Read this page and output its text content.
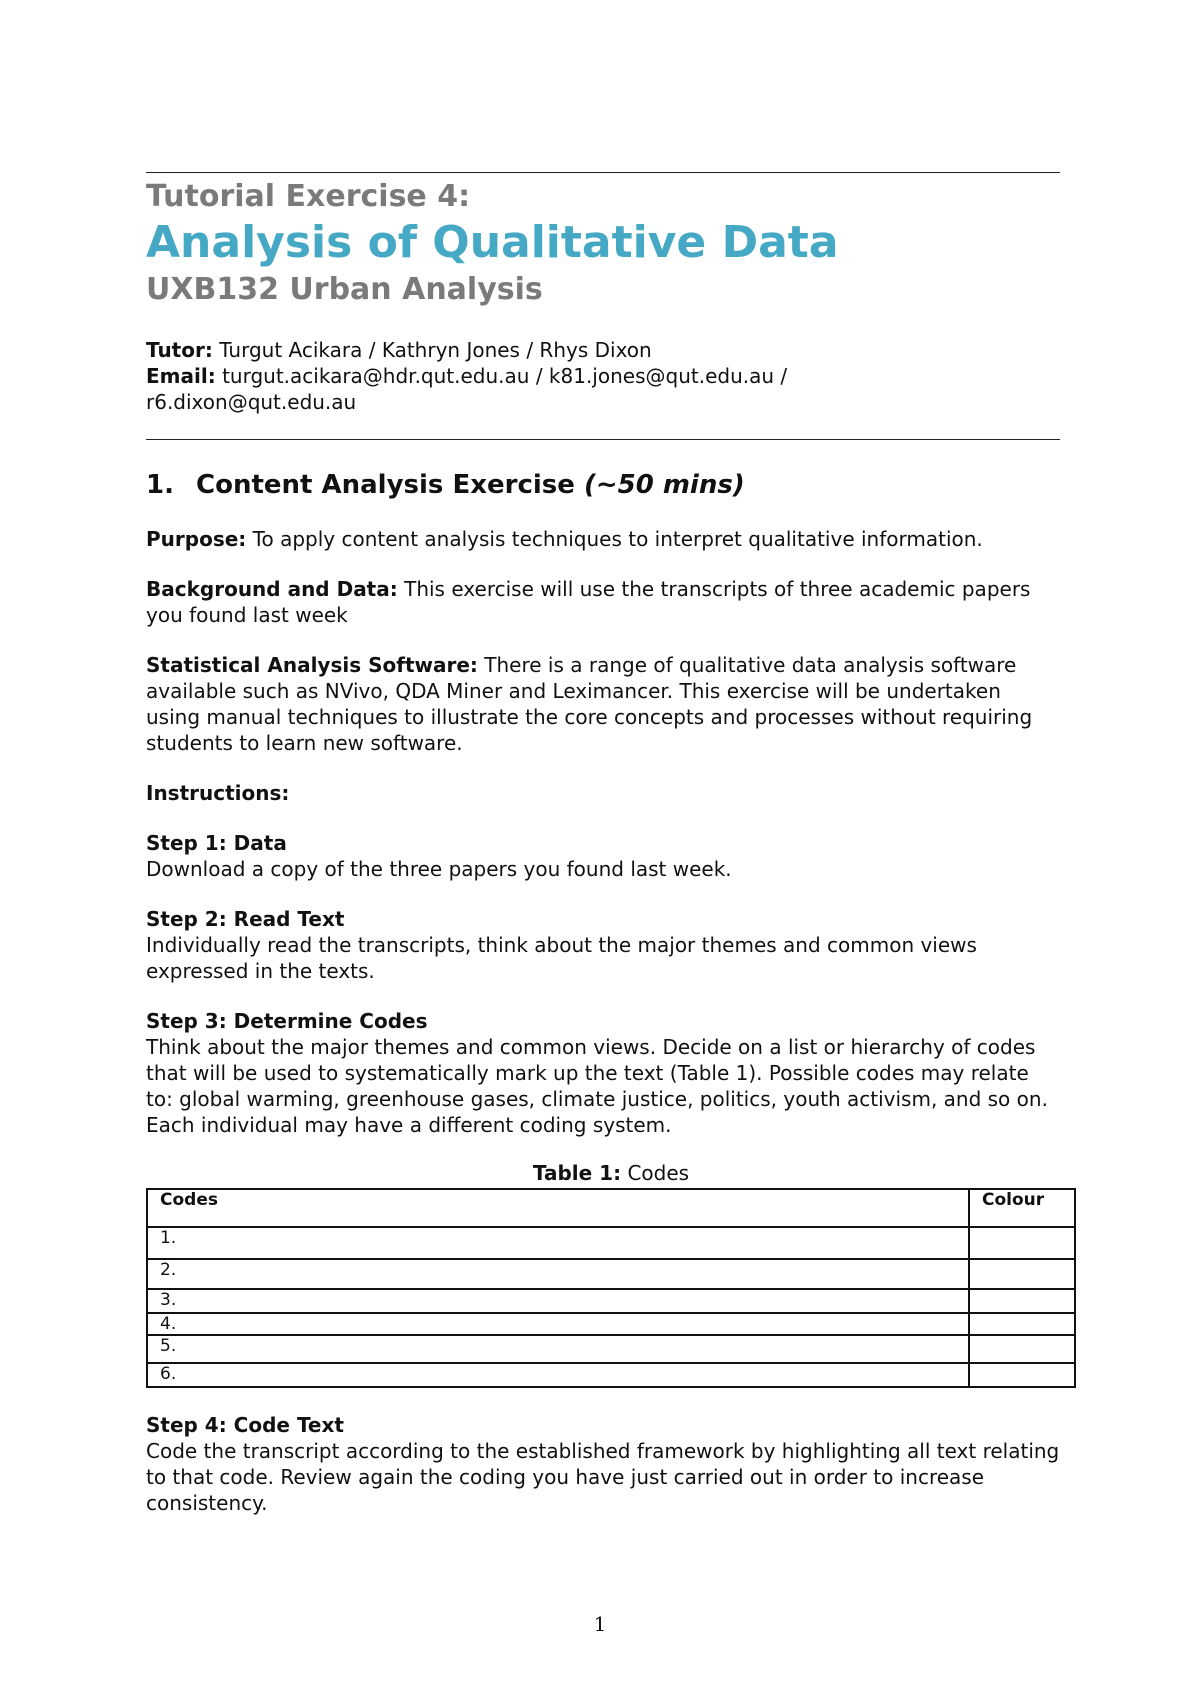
Tutorial Exercise 4:
Analysis of Qualitative Data
UXB132 Urban Analysis
Tutor: Turgut Acikara / Kathryn Jones / Rhys Dixon
Email: turgut.acikara@hdr.qut.edu.au / k81.jones@qut.edu.au /
r6.dixon@qut.edu.au
1. Content Analysis Exercise (~50 mins)

Purpose: To apply content analysis techniques to interpret qualitative information.

Background and Data: This exercise will use the transcripts of three academic papers you found last week

Statistical Analysis Software: There is a range of qualitative data analysis software available such as NVivo, QDA Miner and Leximancer. This exercise will be undertaken using manual techniques to illustrate the core concepts and processes without requiring students to learn new software.

Instructions:

Step 1: Data
Download a copy of the three papers you found last week.

Step 2: Read Text
Individually read the transcripts, think about the major themes and common views expressed in the texts.

Step 3: Determine Codes
Think about the major themes and common views. Decide on a list or hierarchy of codes that will be used to systematically mark up the text (Table 1). Possible codes may relate to: global warming, greenhouse gases, climate justice, politics, youth activism, and so on. Each individual may have a different coding system.

Table 1: Codes
Codes	Colour
1.	
2.	
3.	
4.	
5.	
6.	

Step 4: Code Text
Code the transcript according to the established framework by highlighting all text relating to that code. Review again the coding you have just carried out in order to increase consistency.

1
